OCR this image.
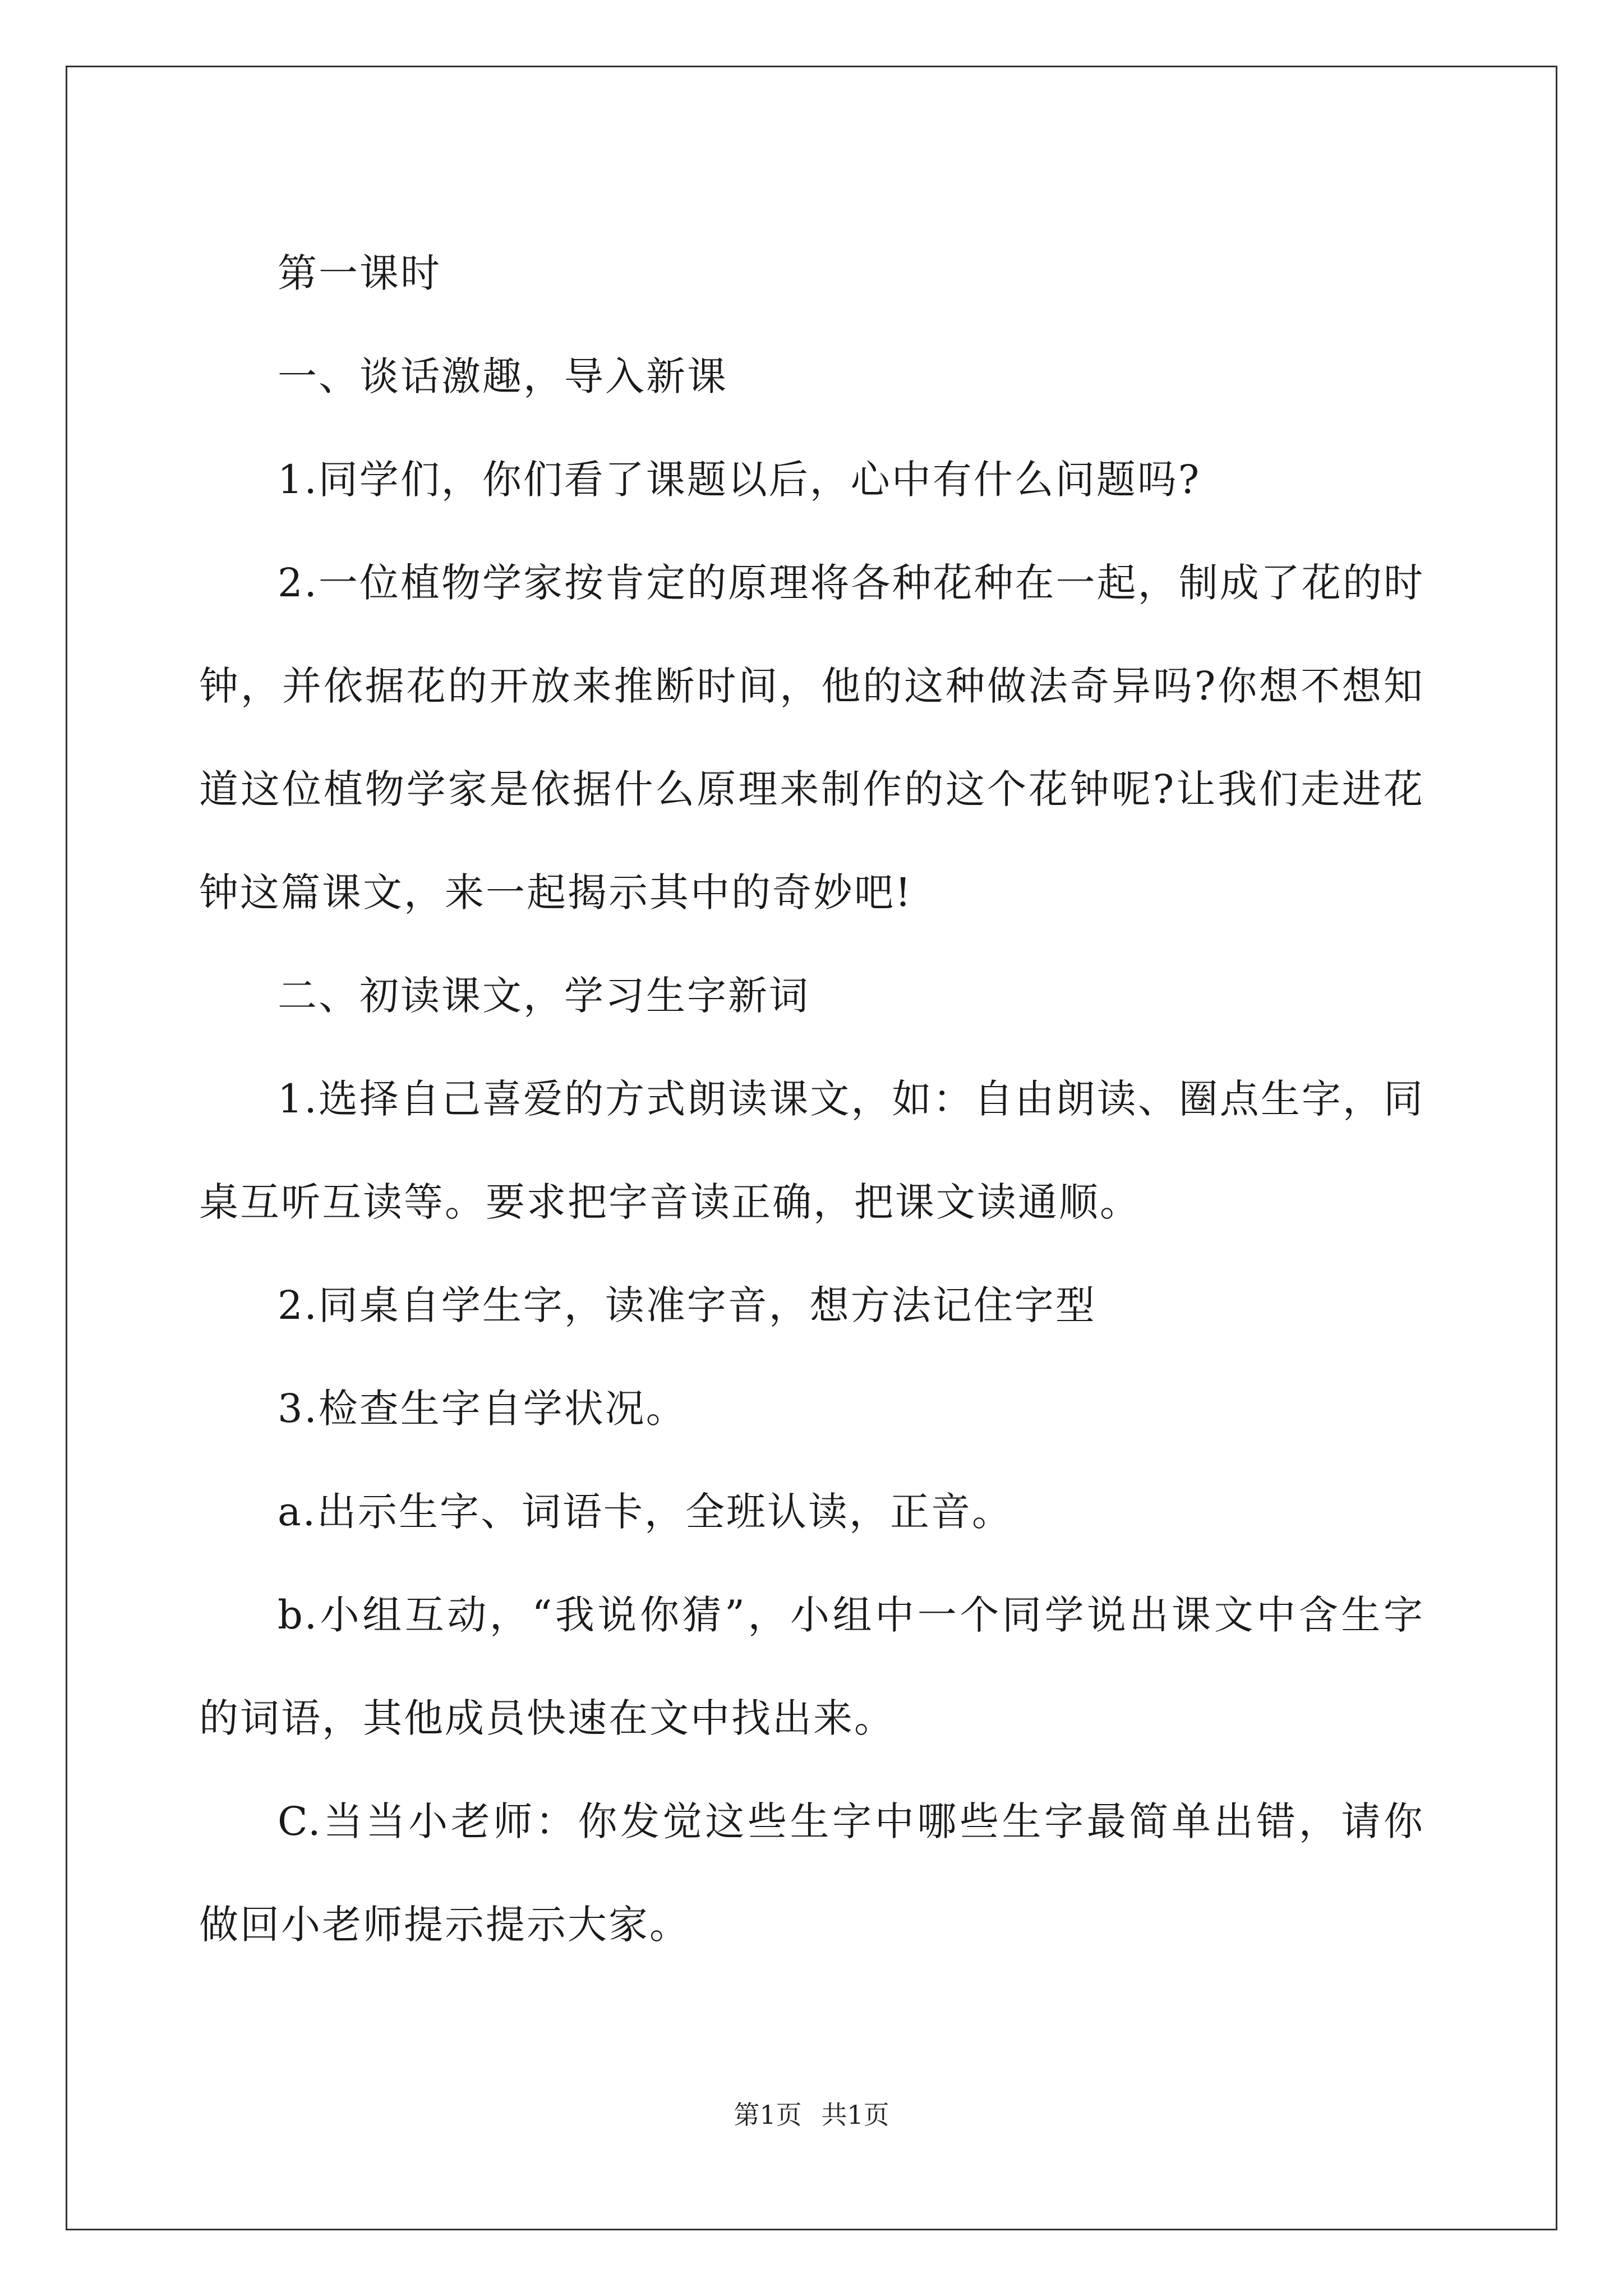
第一课时

一、谈话激趣，导入新课

1.同学们，你们看了课题以后，心中有什么问题吗?

2.一位植物学家按肯定的原理将各种花种在一起，制成了花的时钟，并依据花的开放来推断时间，他的这种做法奇异吗?你想不想知道这位植物学家是依据什么原理来制作的这个花钟呢?让我们走进花钟这篇课文，来一起揭示其中的奇妙吧!

二、初读课文，学习生字新词

1.选择自己喜爱的方式朗读课文，如：自由朗读、圈点生字，同桌互听互读等。要求把字音读正确，把课文读通顺。

2.同桌自学生字，读准字音，想方法记住字型

3.检查生字自学状况。

a.出示生字、词语卡，全班认读，正音。

b.小组互动，“我说你猜”，小组中一个同学说出课文中含生字的词语，其他成员快速在文中找出来。

C.当当小老师：你发觉这些生字中哪些生字最简单出错，请你做回小老师提示提示大家。

第1页 共1页
